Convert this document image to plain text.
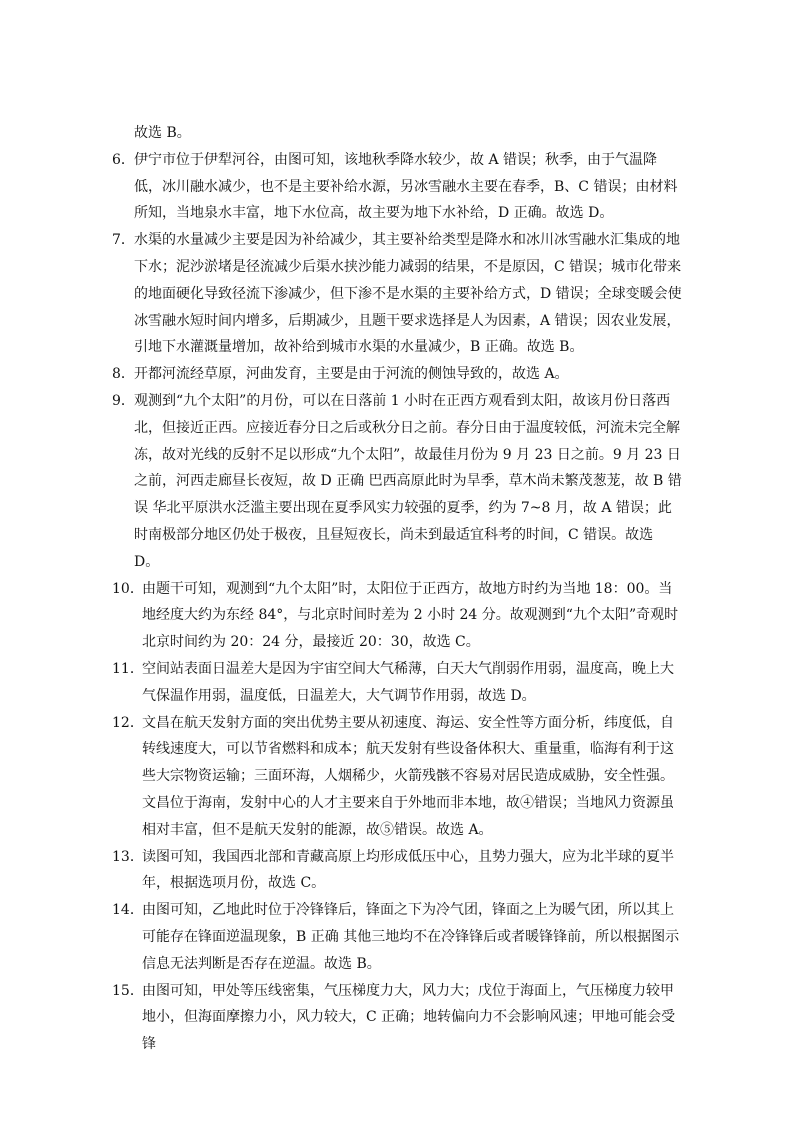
故选 B。

6． 伊宁市位于伊犁河谷，由图可知，该地秋季降水较少，故 A 错误；秋季，由于气温降低，冰川融水减少，也不是主要补给水源，另冰雪融水主要在春季，B、C 错误；由材料所知，当地泉水丰富，地下水位高，故主要为地下水补给，D 正确。故选 D。

7． 水渠的水量减少主要是因为补给减少，其主要补给类型是降水和冰川冰雪融水汇集成的地下水；泥沙淤堵是径流减少后渠水挟沙能力减弱的结果，不是原因，C 错误；城市化带来的地面硬化导致径流下渗减少，但下渗不是水渠的主要补给方式，D 错误；全球变暖会使冰雪融水短时间内增多，后期减少，且题干要求选择是人为因素，A 错误；因农业发展，引地下水灌溉量增加，故补给到城市水渠的水量减少，B 正确。故选 B。

8． 开都河流经草原，河曲发育，主要是由于河流的侧蚀导致的，故选 A。

9． 观测到“九个太阳”的月份，可以在日落前 1 小时在正西方观看到太阳，故该月份日落西北，但接近正西。应接近春分日之后或秋分日之前。春分日由于温度较低，河流未完全解冻，故对光线的反射不足以形成“九个太阳”，故最佳月份为 9 月 23 日之前。9 月 23 日之前，河西走廊昼长夜短，故 D 正确 巴西高原此时为旱季，草木尚未繁茂葱茏，故 B 错误 华北平原洪水泛滥主要出现在夏季风实力较强的夏季，约为 7~8 月，故 A 错误；此时南极部分地区仍处于极夜，且昼短夜长，尚未到最适宜科考的时间，C 错误。故选 D。

10．

由题干可知，观测到“九个太阳”时，太阳位于正西方，故地方时约为当地 18：00。当地经度大约为东经 84°，与北京时间时差为 2 小时 24 分。故观测到“九个太阳”奇观时北京时间约为 20：24 分，最接近 20：30，故选 C。

11．

空间站表面日温差大是因为宇宙空间大气稀薄，白天大气削弱作用弱，温度高，晚上大气保温作用弱，温度低，日温差大，大气调节作用弱，故选 D。

12．

文昌在航天发射方面的突出优势主要从初速度、海运、安全性等方面分析，纬度低，自转线速度大，可以节省燃料和成本；航天发射有些设备体积大、重量重，临海有利于这些大宗物资运输；三面环海，人烟稀少，火箭残骸不容易对居民造成威胁，安全性强。文昌位于海南，发射中心的人才主要来自于外地而非本地，故④错误；当地风力资源虽相对丰富，但不是航天发射的能源，故⑤错误。故选 A。

13．

读图可知，我国西北部和青藏高原上均形成低压中心，且势力强大，应为北半球的夏半年，根据选项月份，故选 C。

14．

由图可知，乙地此时位于冷锋锋后，锋面之下为冷气团，锋面之上为暖气团，所以其上可能存在锋面逆温现象，B 正确 其他三地均不在冷锋锋后或者暖锋锋前，所以根据图示信息无法判断是否存在逆温。故选 B。

15．

由图可知，甲处等压线密集，气压梯度力大，风力大；戊位于海面上，气压梯度力较甲地小，但海面摩擦力小，风力较大，C 正确；地转偏向力不会影响风速；甲地可能会受锋
